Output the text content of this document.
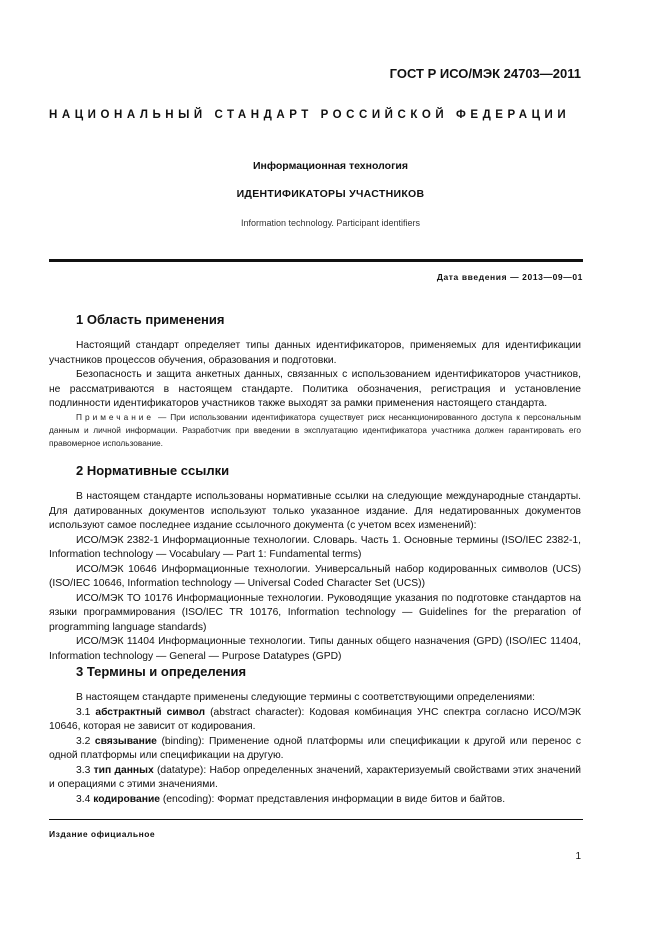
ГОСТ Р ИСО/МЭК 24703—2011
НАЦИОНАЛЬНЫЙ СТАНДАРТ РОССИЙСКОЙ ФЕДЕРАЦИИ
Информационная технология
ИДЕНТИФИКАТОРЫ УЧАСТНИКОВ
Information technology. Participant identifiers
Дата введения — 2013—09—01
1 Область применения

Настоящий стандарт определяет типы данных идентификаторов, применяемых для идентификации участников процессов обучения, образования и подготовки.

Безопасность и защита анкетных данных, связанных с использованием идентификаторов участников, не рассматриваются в настоящем стандарте. Политика обозначения, регистрация и установление подлинности идентификаторов участников также выходят за рамки применения настоящего стандарта.

Примечание — При использовании идентификатора существует риск несанкционированного доступа к персональным данным и личной информации. Разработчик при введении в эксплуатацию идентификатора участника должен гарантировать его правомерное использование.

2 Нормативные ссылки

В настоящем стандарте использованы нормативные ссылки на следующие международные стандарты. Для датированных документов используют только указанное издание. Для недатированных документов используют самое последнее издание ссылочного документа (с учетом всех изменений):

ИСО/МЭК 2382-1 Информационные технологии. Словарь. Часть 1. Основные термины (ISO/IEC 2382-1, Information technology — Vocabulary — Part 1: Fundamental terms)

ИСО/МЭК 10646 Информационные технологии. Универсальный набор кодированных символов (UCS) (ISO/IEC 10646, Information technology — Universal Coded Character Set (UCS))

ИСО/МЭК ТО 10176 Информационные технологии. Руководящие указания по подготовке стандартов на языки программирования (ISO/IEC TR 10176, Information technology — Guidelines for the preparation of programming language standards)

ИСО/МЭК 11404 Информационные технологии. Типы данных общего назначения (GPD) (ISO/IEC 11404, Information technology — General — Purpose Datatypes (GPD)

3 Термины и определения

В настоящем стандарте применены следующие термины с соответствующими определениями:

3.1 абстрактный символ (abstract character): Кодовая комбинация УНС спектра согласно ИСО/МЭК 10646, которая не зависит от кодирования.

3.2 связывание (binding): Применение одной платформы или спецификации к другой или перенос с одной платформы или спецификации на другую.

3.3 тип данных (datatype): Набор определенных значений, характеризуемый свойствами этих значений и операциями с этими значениями.

3.4 кодирование (encoding): Формат представления информации в виде битов и байтов.

Издание официальное
1
